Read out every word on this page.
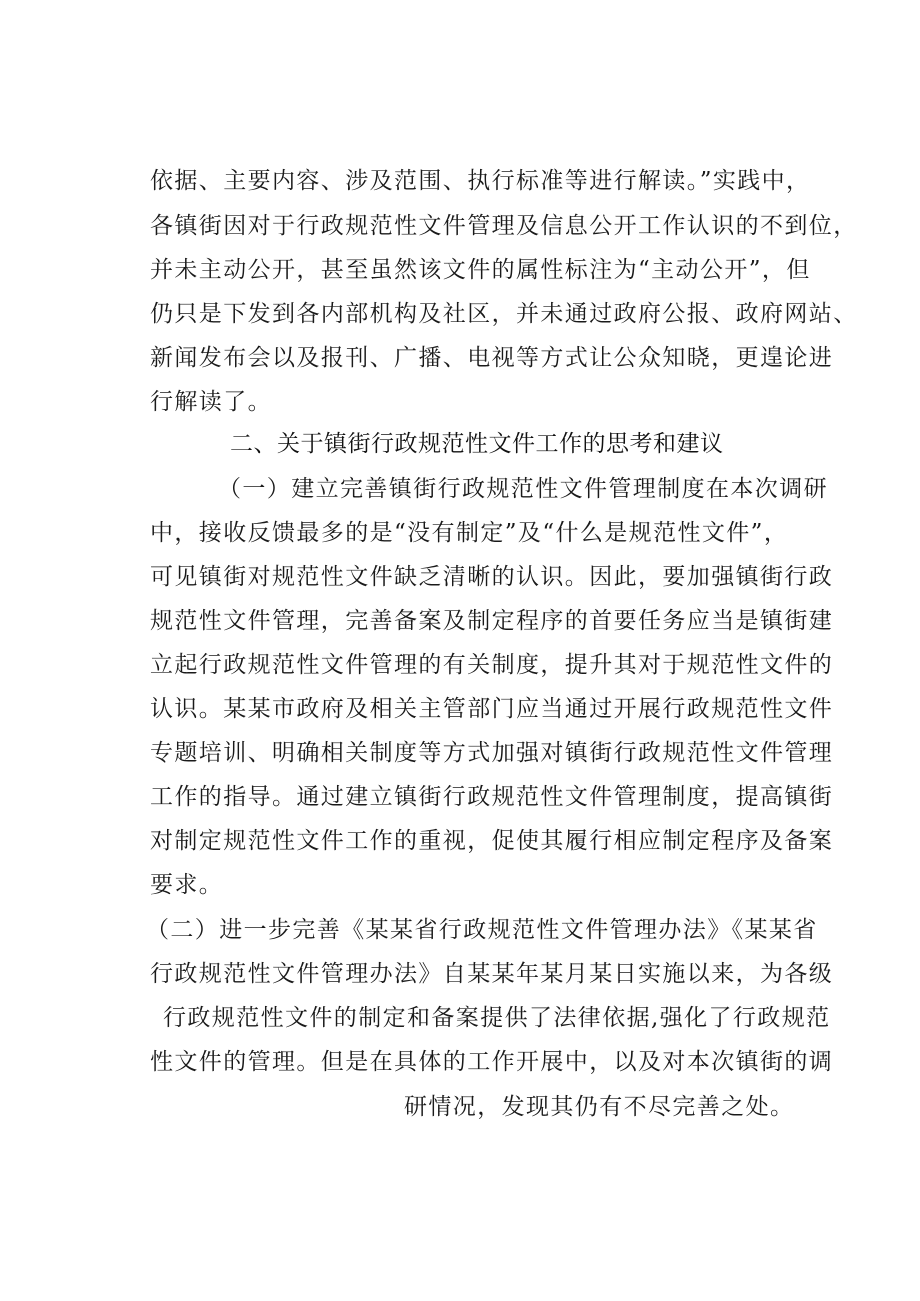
依据、主要内容、涉及范围、执行标准等进行解读。”实践中，
各镇街因对于行政规范性文件管理及信息公开工作认识的不到位，
并未主动公开，甚至虽然该文件的属性标注为“主动公开”，但
仍只是下发到各内部机构及社区，并未通过政府公报、政府网站、
新闻发布会以及报刊、广播、电视等方式让公众知晓，更遑论进
行解读了。
二、关于镇街行政规范性文件工作的思考和建议
（一）建立完善镇街行政规范性文件管理制度在本次调研
中，接收反馈最多的是“没有制定”及“什么是规范性文件”，
可见镇街对规范性文件缺乏清晰的认识。因此，要加强镇街行政
规范性文件管理，完善备案及制定程序的首要任务应当是镇街建
立起行政规范性文件管理的有关制度，提升其对于规范性文件的
认识。某某市政府及相关主管部门应当通过开展行政规范性文件
专题培训、明确相关制度等方式加强对镇街行政规范性文件管理
工作的指导。通过建立镇街行政规范性文件管理制度，提高镇街
对制定规范性文件工作的重视，促使其履行相应制定程序及备案
要求。
（二）进一步完善《某某省行政规范性文件管理办法》《某某省
行政规范性文件管理办法》自某某年某月某日实施以来，为各级
行政规范性文件的制定和备案提供了法律依据,强化了行政规范
性文件的管理。但是在具体的工作开展中，以及对本次镇街的调
研情况，发现其仍有不尽完善之处。
